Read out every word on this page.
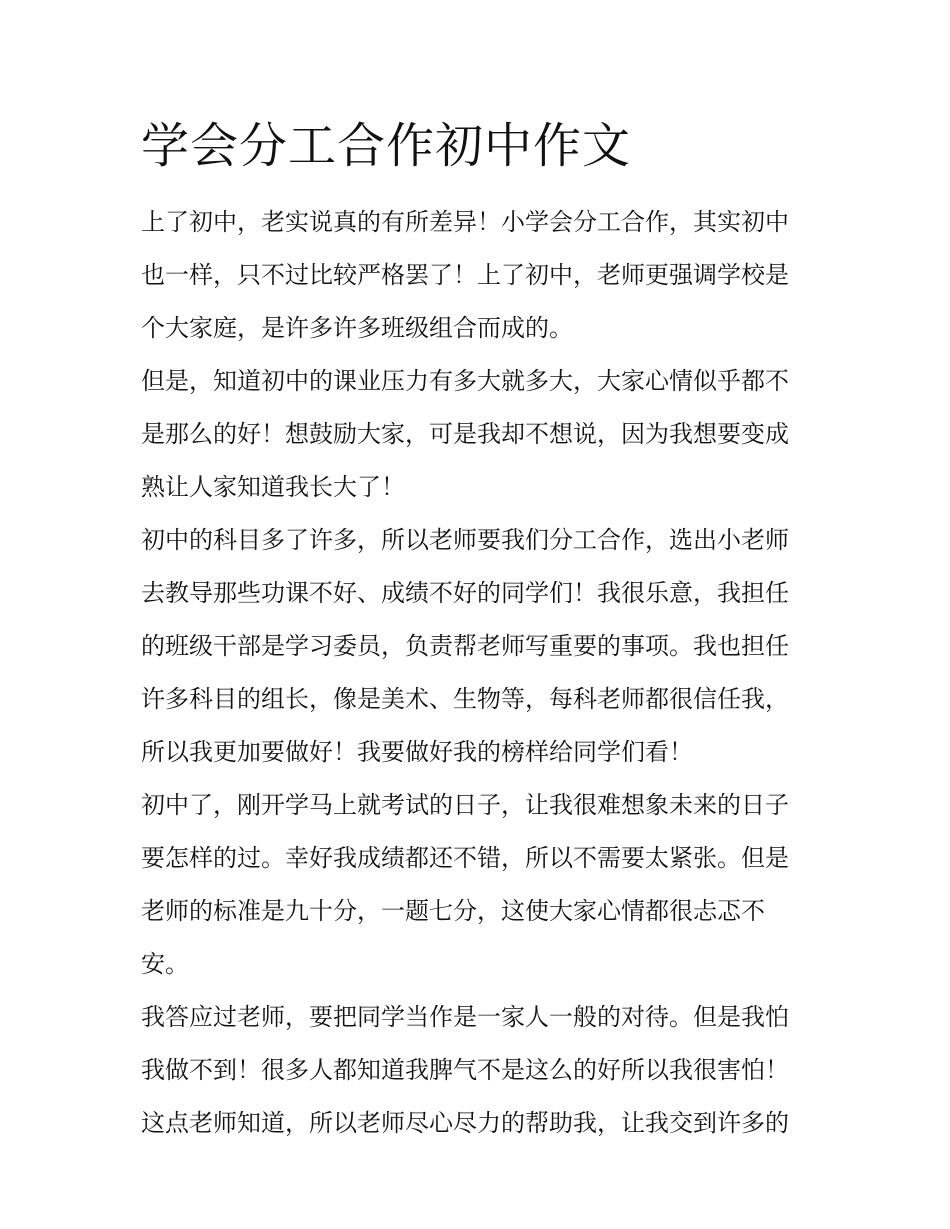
学会分工合作初中作文
上了初中，老实说真的有所差异！小学会分工合作，其实初中
也一样，只不过比较严格罢了！上了初中，老师更强调学校是
个大家庭，是许多许多班级组合而成的。
但是，知道初中的课业压力有多大就多大，大家心情似乎都不
是那么的好！想鼓励大家，可是我却不想说，因为我想要变成
熟让人家知道我长大了！
初中的科目多了许多，所以老师要我们分工合作，选出小老师
去教导那些功课不好、成绩不好的同学们！我很乐意，我担任
的班级干部是学习委员，负责帮老师写重要的事项。我也担任
许多科目的组长，像是美术、生物等，每科老师都很信任我，
所以我更加要做好！我要做好我的榜样给同学们看！
初中了，刚开学马上就考试的日子，让我很难想象未来的日子
要怎样的过。幸好我成绩都还不错，所以不需要太紧张。但是
老师的标准是九十分，一题七分，这使大家心情都很忐忑不
安。
我答应过老师，要把同学当作是一家人一般的对待。但是我怕
我做不到！很多人都知道我脾气不是这么的好所以我很害怕！
这点老师知道，所以老师尽心尽力的帮助我，让我交到许多的
